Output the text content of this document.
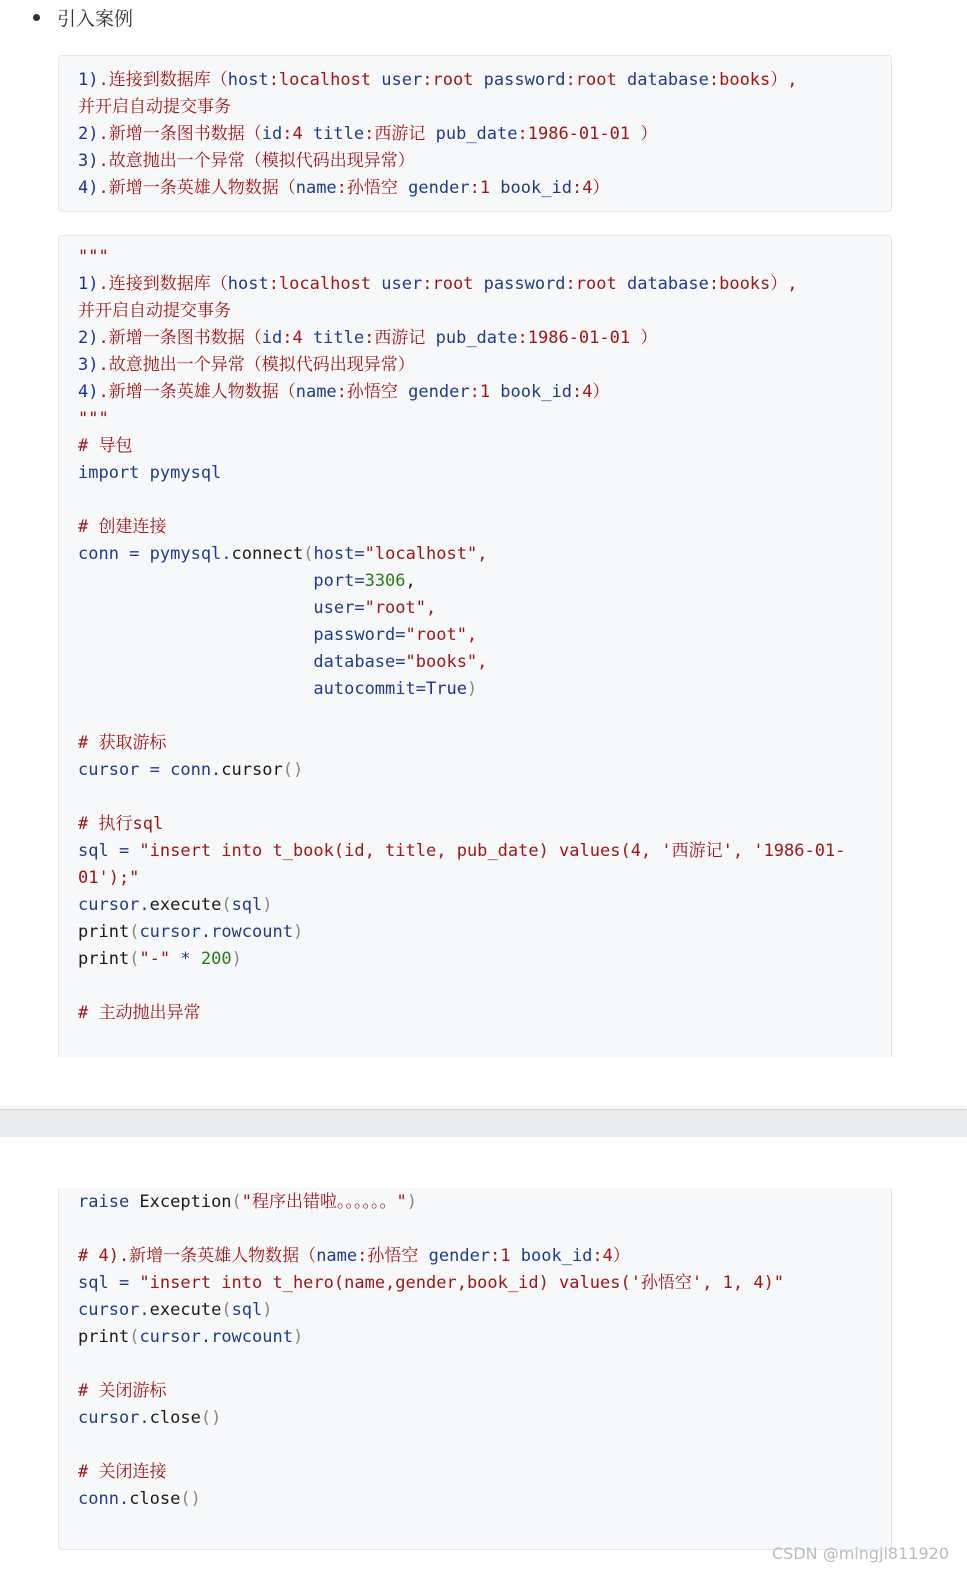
引入案例
1).连接到数据库（host:localhost user:root password:root database:books）,
并开启自动提交事务
2).新增一条图书数据（id:4 title:西游记 pub_date:1986-01-01 ）
3).故意抛出一个异常（模拟代码出现异常）
4).新增一条英雄人物数据（name:孙悟空 gender:1 book_id:4）
"""
1).连接到数据库（host:localhost user:root password:root database:books）,
并开启自动提交事务
2).新增一条图书数据（id:4 title:西游记 pub_date:1986-01-01 ）
3).故意抛出一个异常（模拟代码出现异常）
4).新增一条英雄人物数据（name:孙悟空 gender:1 book_id:4）
"""
# 导包
import pymysql

# 创建连接
conn = pymysql.connect(host="localhost",
port=3306,
user="root",
password="root",
database="books",
autocommit=True)

# 获取游标
cursor = conn.cursor()

# 执行sql
sql = "insert into t_book(id, title, pub_date) values(4, '西游记', '1986-01-
01');"
cursor.execute(sql)
print(cursor.rowcount)
print("-" * 200)

# 主动抛出异常
raise Exception("程序出错啦。。。。。。")

# 4).新增一条英雄人物数据（name:孙悟空 gender:1 book_id:4）
sql = "insert into t_hero(name,gender,book_id) values('孙悟空', 1, 4)"
cursor.execute(sql)
print(cursor.rowcount)

# 关闭游标
cursor.close()

# 关闭连接
conn.close()
CSDN @mingji811920
